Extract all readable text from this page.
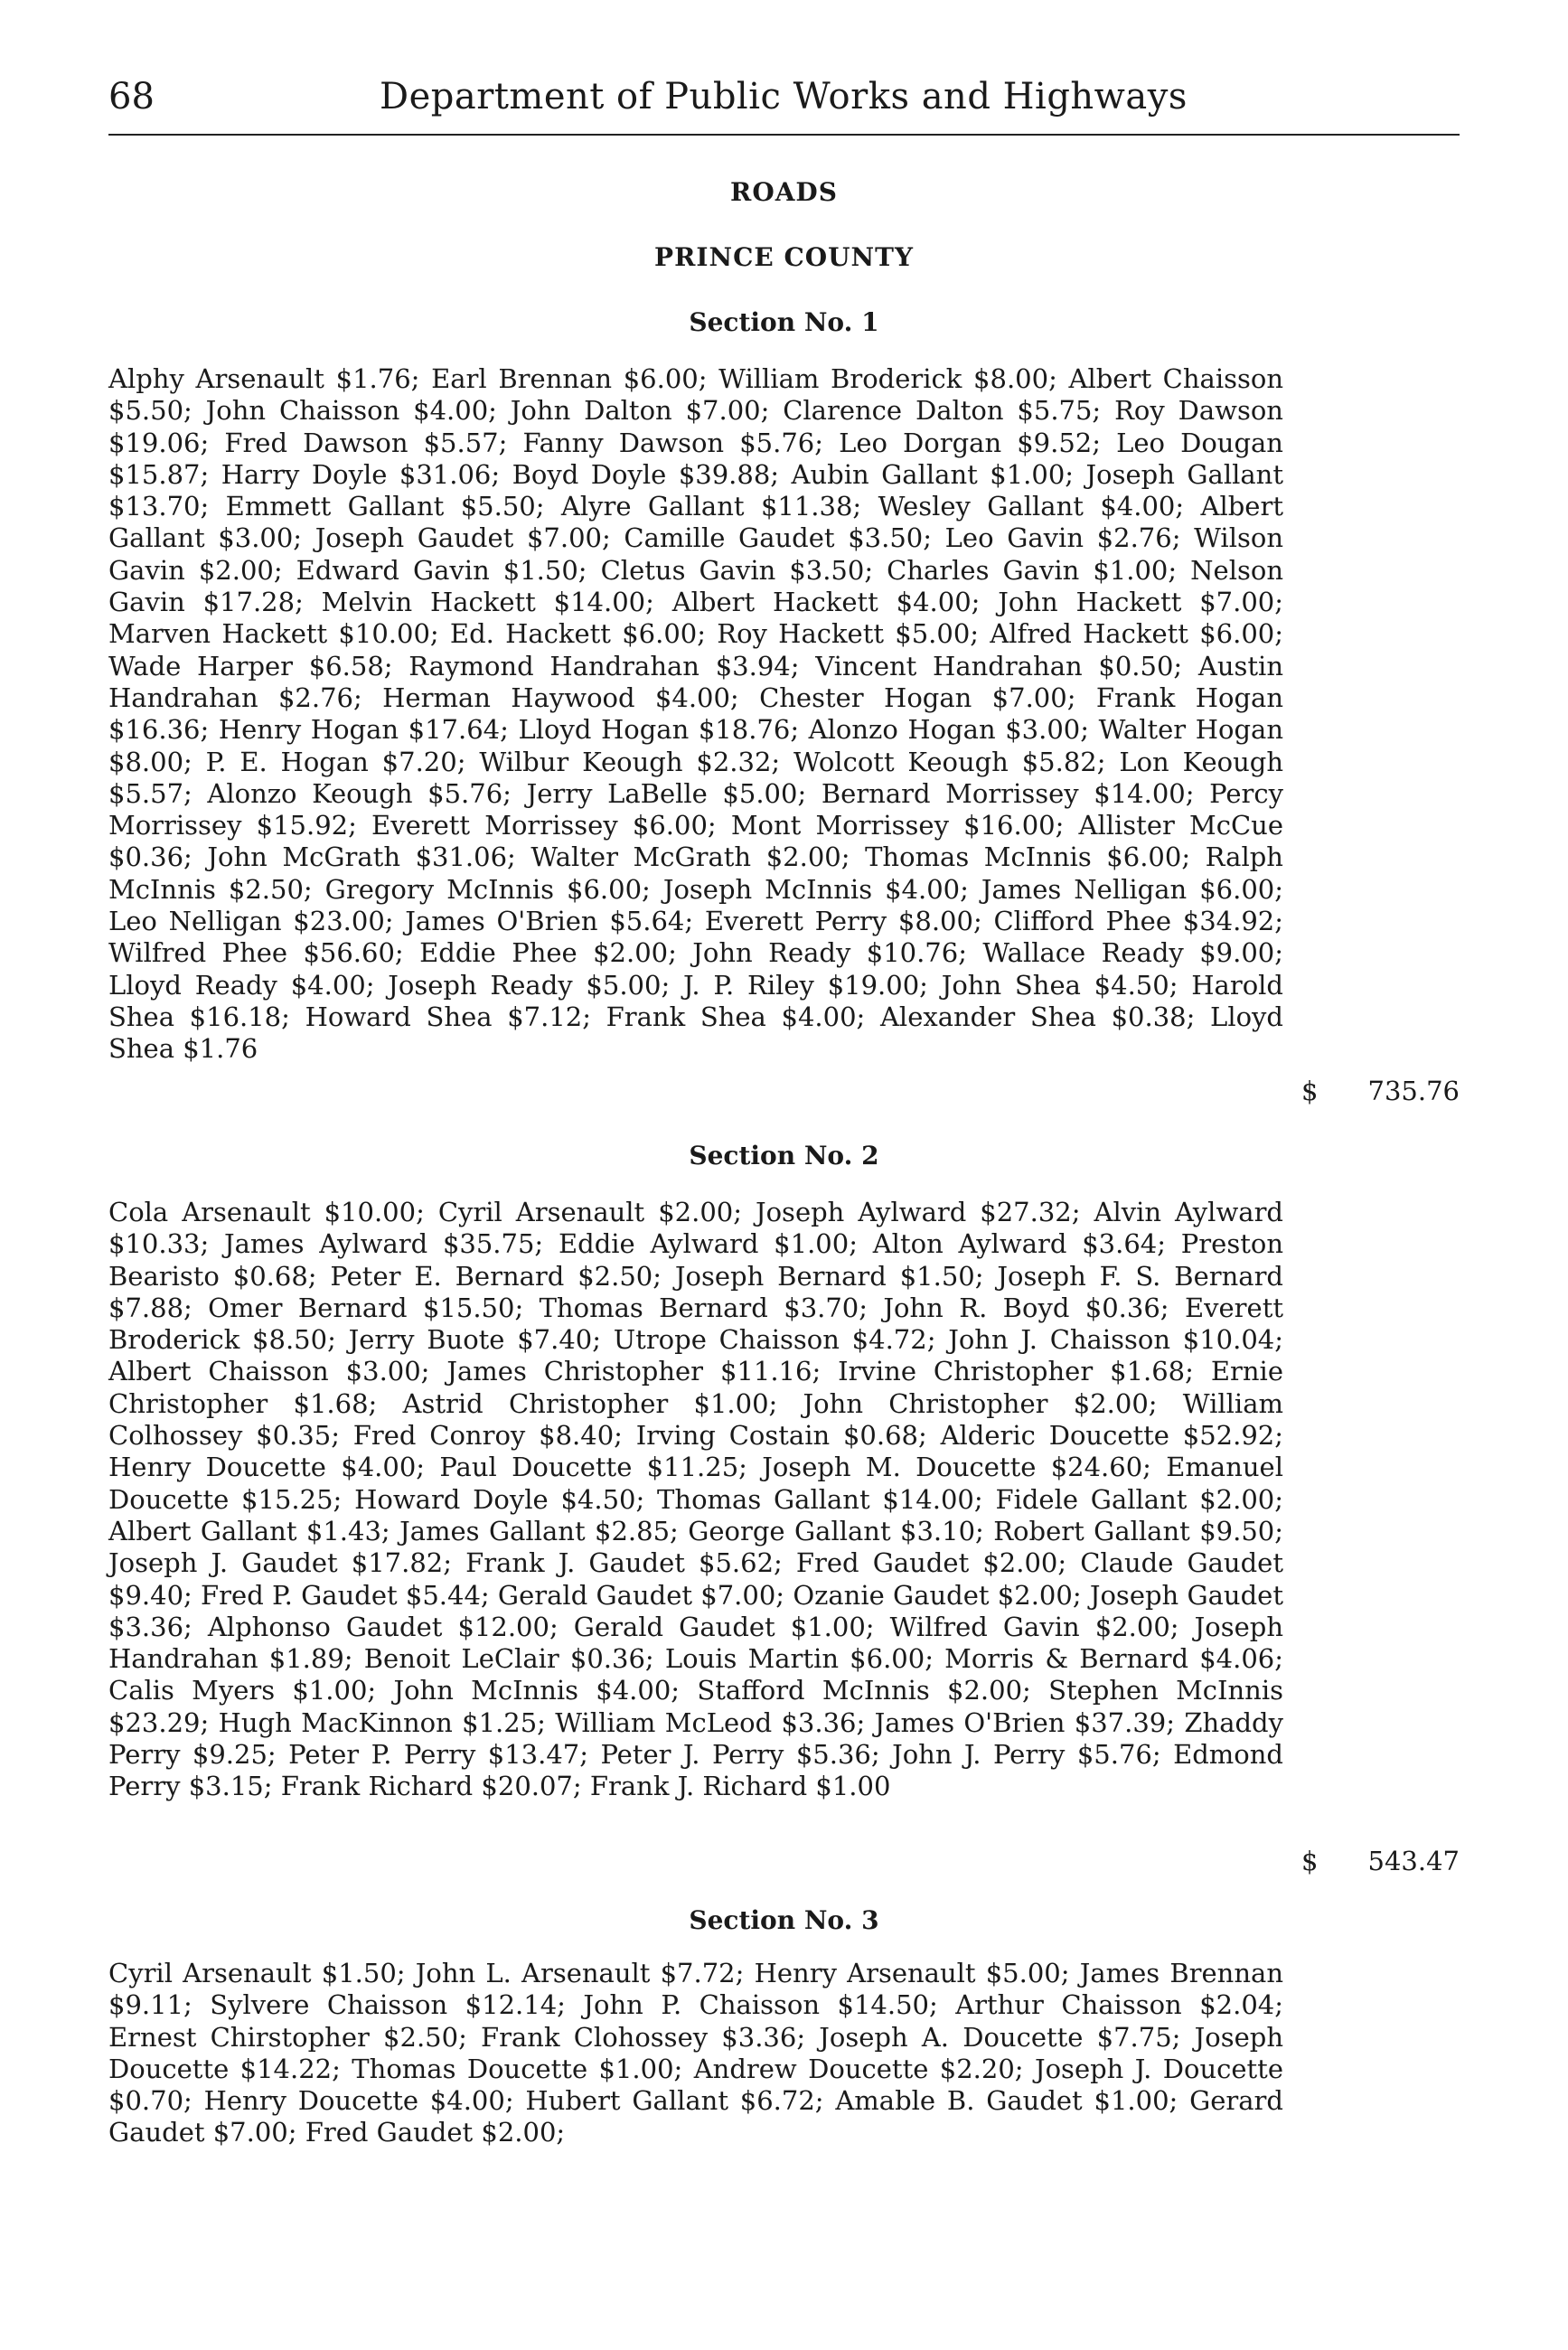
68	Department of Public Works and Highways
ROADS
PRINCE COUNTY
Section No. 1

Alphy Arsenault $1.76; Earl Brennan $6.00; William Broderick $8.00; Albert Chaisson $5.50; John Chaisson $4.00; John Dalton $7.00; Clarence Dalton $5.75; Roy Dawson $19.06; Fred Dawson $5.57; Fanny Dawson $5.76; Leo Dorgan $9.52; Leo Dougan $15.87; Harry Doyle $31.06; Boyd Doyle $39.88; Aubin Gallant $1.00; Joseph Gallant $13.70; Emmett Gallant $5.50; Alyre Gallant $11.38; Wesley Gallant $4.00; Albert Gallant $3.00; Joseph Gaudet $7.00; Camille Gaudet $3.50; Leo Gavin $2.76; Wilson Gavin $2.00; Edward Gavin $1.50; Cletus Gavin $3.50; Charles Gavin $1.00; Nelson Gavin $17.28; Melvin Hackett $14.00; Albert Hackett $4.00; John Hackett $7.00; Marven Hackett $10.00; Ed. Hackett $6.00; Roy Hackett $5.00; Alfred Hackett $6.00; Wade Harper $6.58; Raymond Handrahan $3.94; Vincent Handrahan $0.50; Austin Handrahan $2.76; Herman Haywood $4.00; Chester Hogan $7.00; Frank Hogan $16.36; Henry Hogan $17.64; Lloyd Hogan $18.76; Alonzo Hogan $3.00; Walter Hogan $8.00; P. E. Hogan $7.20; Wilbur Keough $2.32; Wolcott Keough $5.82; Lon Keough $5.57; Alonzo Keough $5.76; Jerry LaBelle $5.00; Bernard Morrissey $14.00; Percy Morrissey $15.92; Everett Morrissey $6.00; Mont Morrissey $16.00; Allister McCue $0.36; John McGrath $31.06; Walter McGrath $2.00; Thomas McInnis $6.00; Ralph McInnis $2.50; Gregory McInnis $6.00; Joseph McInnis $4.00; James Nelligan $6.00; Leo Nelligan $23.00; James O'Brien $5.64; Everett Perry $8.00; Clifford Phee $34.92; Wilfred Phee $56.60; Eddie Phee $2.00; John Ready $10.76; Wallace Ready $9.00; Lloyd Ready $4.00; Joseph Ready $5.00; J. P. Riley $19.00; John Shea $4.50; Harold Shea $16.18; Howard Shea $7.12; Frank Shea $4.00; Alexander Shea $0.38; Lloyd Shea $1.76

$	735.76
Section No. 2

Cola Arsenault $10.00; Cyril Arsenault $2.00; Joseph Aylward $27.32; Alvin Aylward $10.33; James Aylward $35.75; Eddie Aylward $1.00; Alton Aylward $3.64; Preston Bearisto $0.68; Peter E. Bernard $2.50; Joseph Bernard $1.50; Joseph F. S. Bernard $7.88; Omer Bernard $15.50; Thomas Bernard $3.70; John R. Boyd $0.36; Everett Broderick $8.50; Jerry Buote $7.40; Utrope Chaisson $4.72; John J. Chaisson $10.04; Albert Chaisson $3.00; James Christopher $11.16; Irvine Christopher $1.68; Ernie Christopher $1.68; Astrid Christopher $1.00; John Christopher $2.00; William Colhossey $0.35; Fred Conroy $8.40; Irving Costain $0.68; Alderic Doucette $52.92; Henry Doucette $4.00; Paul Doucette $11.25; Joseph M. Doucette $24.60; Emanuel Doucette $15.25; Howard Doyle $4.50; Thomas Gallant $14.00; Fidele Gallant $2.00; Albert Gallant $1.43; James Gallant $2.85; George Gallant $3.10; Robert Gallant $9.50; Joseph J. Gaudet $17.82; Frank J. Gaudet $5.62; Fred Gaudet $2.00; Claude Gaudet $9.40; Fred P. Gaudet $5.44; Gerald Gaudet $7.00; Ozanie Gaudet $2.00; Joseph Gaudet $3.36; Alphonso Gaudet $12.00; Gerald Gaudet $1.00; Wilfred Gavin $2.00; Joseph Handrahan $1.89; Benoit LeClair $0.36; Louis Martin $6.00; Morris & Bernard $4.06; Calis Myers $1.00; John McInnis $4.00; Stafford McInnis $2.00; Stephen McInnis $23.29; Hugh MacKinnon $1.25; William McLeod $3.36; James O'Brien $37.39; Zhaddy Perry $9.25; Peter P. Perry $13.47; Peter J. Perry $5.36; John J. Perry $5.76; Edmond Perry $3.15; Frank Richard $20.07; Frank J. Richard $1.00

$	543.47
Section No. 3

Cyril Arsenault $1.50; John L. Arsenault $7.72; Henry Arsenault $5.00; James Brennan $9.11; Sylvere Chaisson $12.14; John P. Chaisson $14.50; Arthur Chaisson $2.04; Ernest Chirstopher $2.50; Frank Clohossey $3.36; Joseph A. Doucette $7.75; Joseph Doucette $14.22; Thomas Doucette $1.00; Andrew Doucette $2.20; Joseph J. Doucette $0.70; Henry Doucette $4.00; Hubert Gallant $6.72; Amable B. Gaudet $1.00; Gerard Gaudet $7.00; Fred Gaudet $2.00;
